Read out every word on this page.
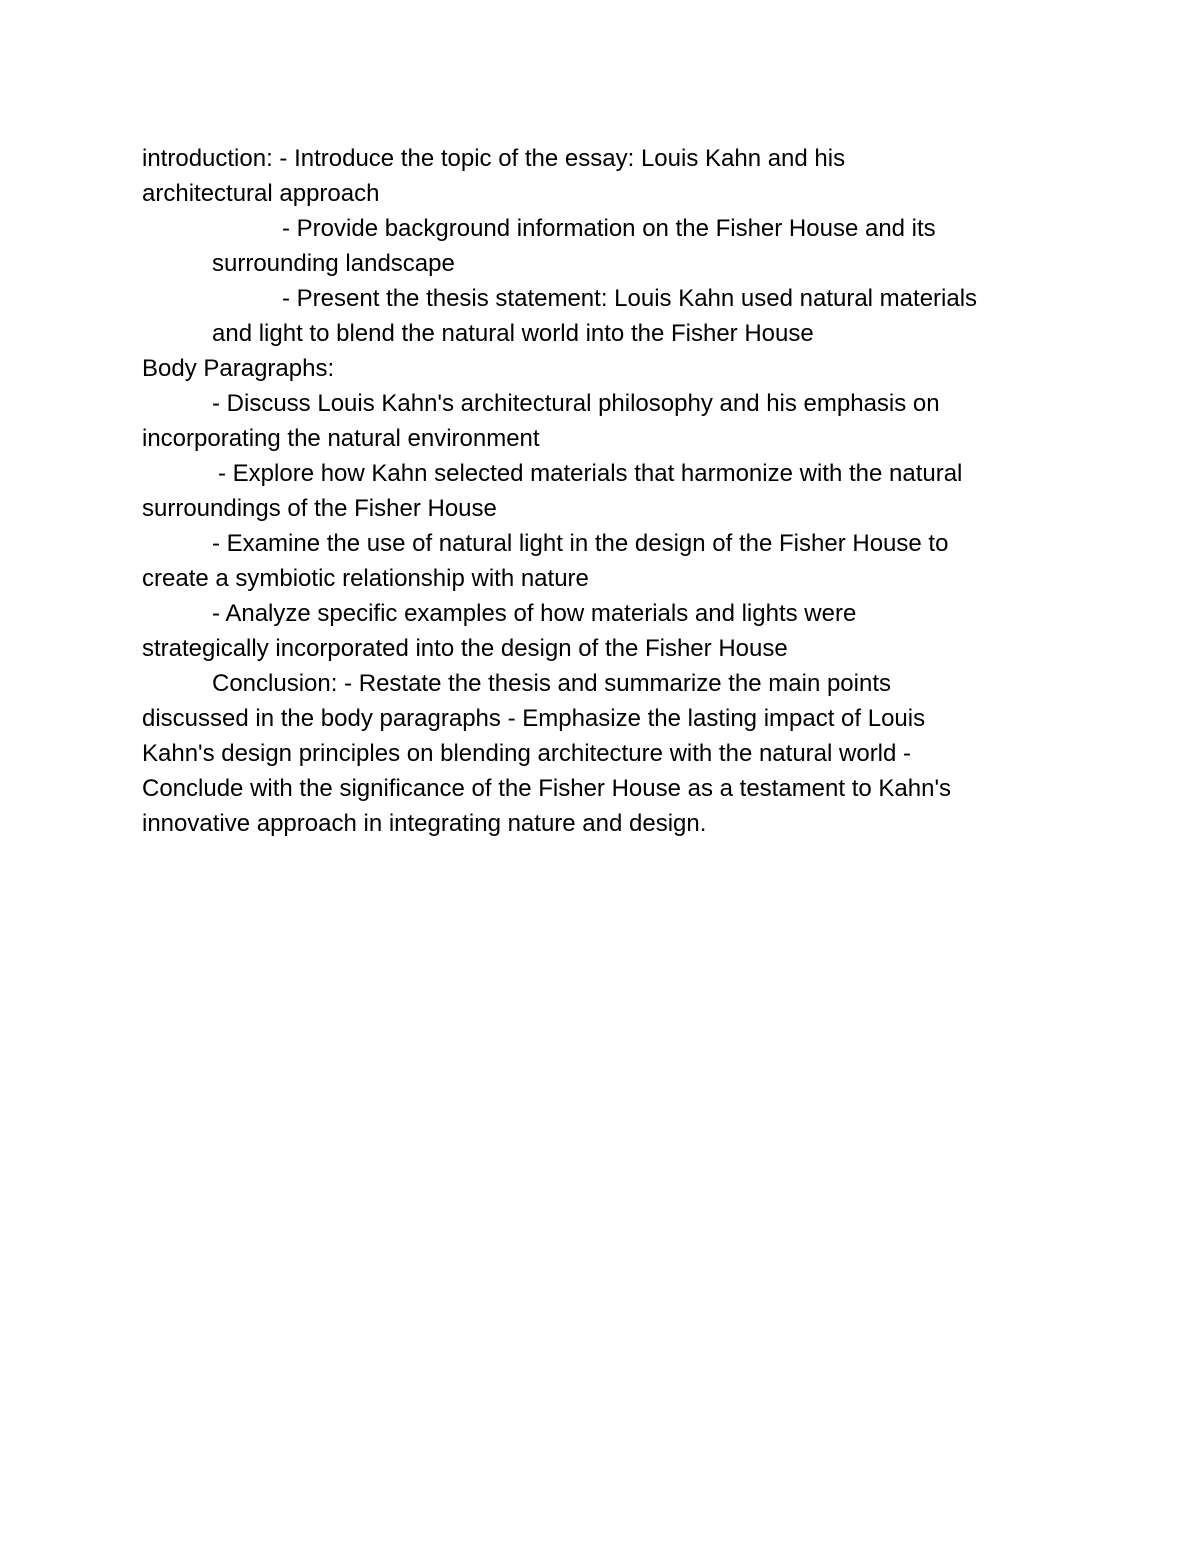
introduction: - Introduce the topic of the essay: Louis Kahn and his
architectural approach
- Provide background information on the Fisher House and its
surrounding landscape
- Present the thesis statement: Louis Kahn used natural materials
and light to blend the natural world into the Fisher House
Body Paragraphs:
- Discuss Louis Kahn's architectural philosophy and his emphasis on
incorporating the natural environment
- Explore how Kahn selected materials that harmonize with the natural
surroundings of the Fisher House
- Examine the use of natural light in the design of the Fisher House to
create a symbiotic relationship with nature
- Analyze specific examples of how materials and lights were
strategically incorporated into the design of the Fisher House
Conclusion: - Restate the thesis and summarize the main points
discussed in the body paragraphs - Emphasize the lasting impact of Louis
Kahn's design principles on blending architecture with the natural world -
Conclude with the significance of the Fisher House as a testament to Kahn's
innovative approach in integrating nature and design.
